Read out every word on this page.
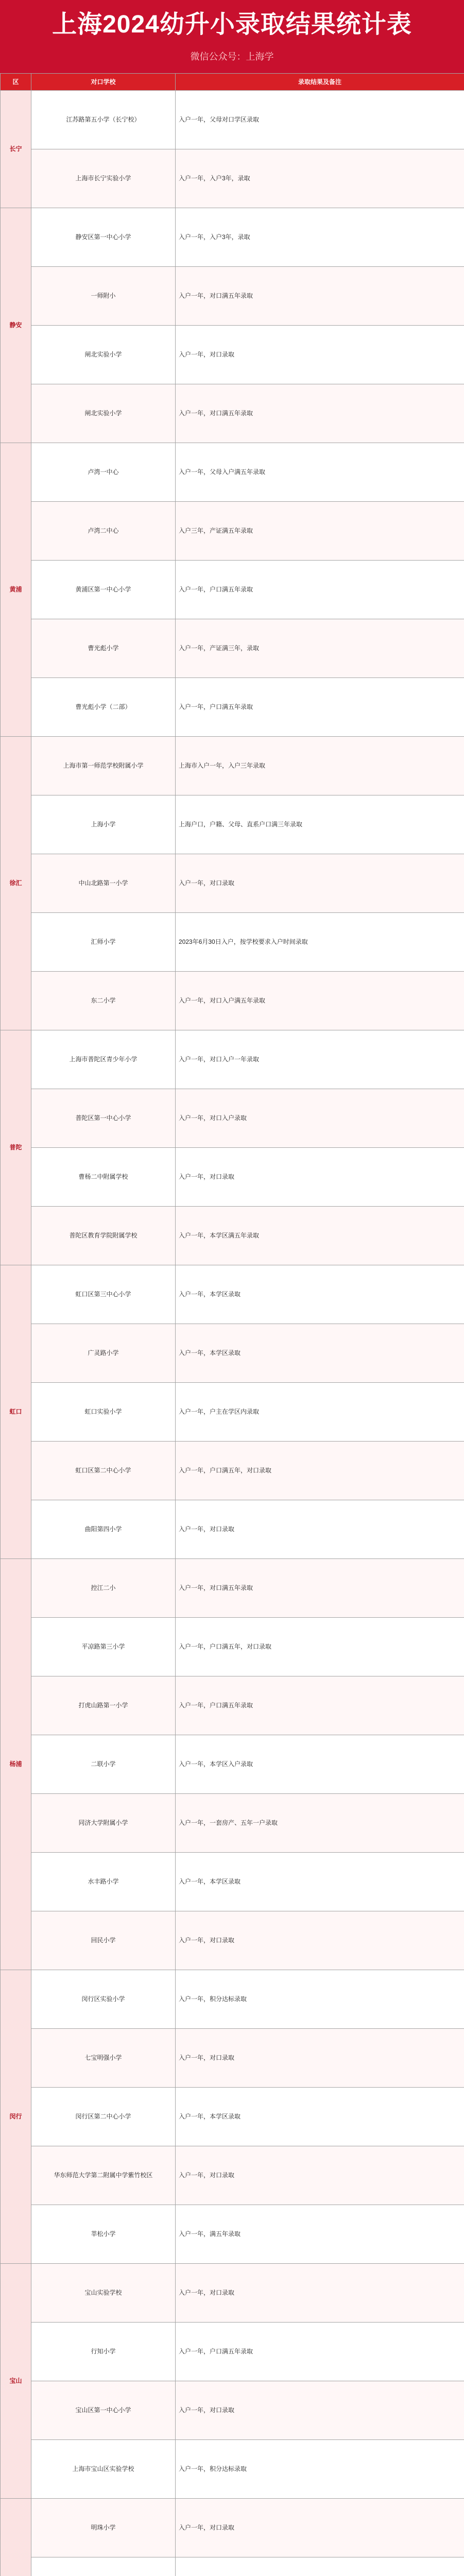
上海2024幼升小录取结果统计表
微信公众号：上海学
区	对口学校	录取结果及备注
长宁	江苏路第五小学（长宁校）	入户一年，父母对口学区录取
	上海市长宁实验小学	入户一年，入户3年，录取
静安	静安区第一中心小学	入户一年，入户3年，录取
	一师附小	入户一年，对口满五年录取
	闸北实验小学	入户一年，对口录取
	闸北实验小学	入户一年，对口满五年录取
黄浦	卢湾一中心	入户一年，父母入户满五年录取
	卢湾二中心	入户三年，产证满五年录取
	黄浦区第一中心小学	入户一年，户口满五年录取
	曹光彪小学	入户一年，产证满三年，录取
	曹光彪小学（二部）	入户一年，户口满五年录取
徐汇	上海市第一师范学校附属小学	上海市入户一年，入户三年录取
	上海小学	上海户口，户籍、父母、直系户口满三年录取
	中山北路第一小学	入户一年，对口录取
	汇师小学	2023年6月30日入户，按学校要求入户时间录取
	东二小学	入户一年，对口入户满五年录取
普陀	上海市普陀区青少年小学	入户一年，对口入户一年录取
	普陀区第一中心小学	入户一年，对口入户录取
	曹杨二中附属学校	入户一年，对口录取
	普陀区教育学院附属学校	入户一年，本学区满五年录取
虹口	虹口区第三中心小学	入户一年，本学区录取
	广灵路小学	入户一年，本学区录取
	虹口实验小学	入户一年，户主在学区内录取
	虹口区第二中心小学	入户一年，户口满五年，对口录取
	曲阳第四小学	入户一年，对口录取
杨浦	控江二小	入户一年，对口满五年录取
	平凉路第三小学	入户一年，户口满五年，对口录取
	打虎山路第一小学	入户一年，户口满五年录取
	二联小学	入户一年，本学区入户录取
	同济大学附属小学	入户一年，一套房产、五年一户录取
	水丰路小学	入户一年，本学区录取
	回民小学	入户一年，对口录取
闵行	闵行区实验小学	入户一年，积分达标录取
	七宝明强小学	入户一年，对口录取
	闵行区第二中心小学	入户一年，本学区录取
	华东师范大学第二附属中学紫竹校区	入户一年，对口录取
	莘松小学	入户一年，满五年录取
宝山	宝山实验学校	入户一年，对口录取
	行知小学	入户一年，户口满五年录取
	宝山区第一中心小学	入户一年，对口录取
	上海市宝山区实验学校	入户一年，积分达标录取
	明珠小学	入户一年，对口录取
